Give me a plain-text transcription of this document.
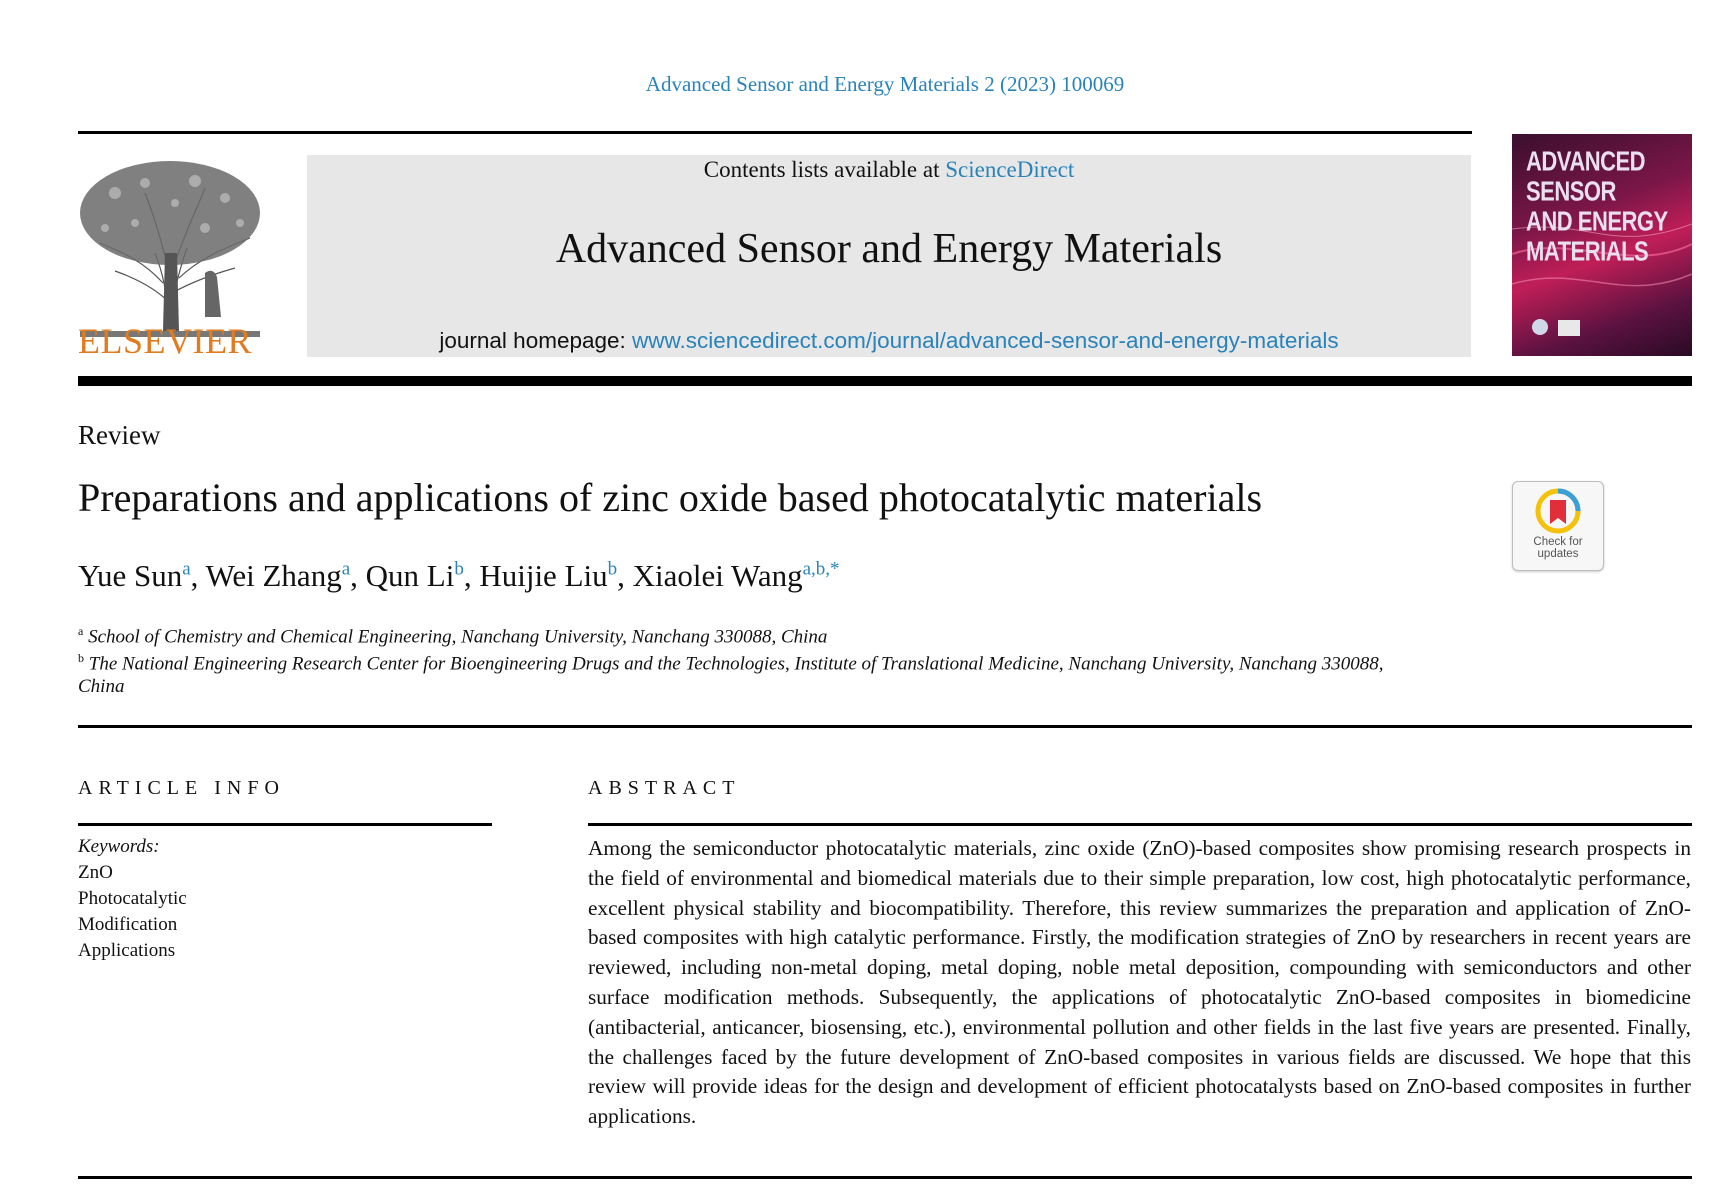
Advanced Sensor and Energy Materials 2 (2023) 100069
ELSEVIER
Contents lists available at ScienceDirect
Advanced Sensor and Energy Materials
journal homepage: www.sciencedirect.com/journal/advanced-sensor-and-energy-materials
ADVANCED
SENSOR
AND ENERGY
MATERIALS
Review
Preparations and applications of zinc oxide based photocatalytic materials
Check for updates
Yue Sun$^a$, Wei Zhang$^a$, Qun Li$^b$, Huijie Liu$^b$, Xiaolei Wang$^{a,b,*}$
$^a$ School of Chemistry and Chemical Engineering, Nanchang University, Nanchang 330088, China
$^b$ The National Engineering Research Center for Bioengineering Drugs and the Technologies, Institute of Translational Medicine, Nanchang University, Nanchang 330088,
China
ARTICLE INFO
Keywords:
ZnO
Photocatalytic
Modification
Applications
ABSTRACT
Among the semiconductor photocatalytic materials, zinc oxide (ZnO)-based composites show promising research prospects in the field of environmental and biomedical materials due to their simple preparation, low cost, high photocatalytic performance, excellent physical stability and biocompatibility. Therefore, this review summarizes the preparation and application of ZnO-based composites with high catalytic performance. Firstly, the modification strategies of ZnO by researchers in recent years are reviewed, including non-metal doping, metal doping, noble metal deposition, compounding with semiconductors and other surface modification methods. Subsequently, the applications of photocatalytic ZnO-based composites in biomedicine (antibacterial, anticancer, biosensing, etc.), environmental pollution and other fields in the last five years are presented. Finally, the challenges faced by the future development of ZnO-based composites in various fields are discussed. We hope that this review will provide ideas for the design and development of efficient photocatalysts based on ZnO-based composites in further applications.
